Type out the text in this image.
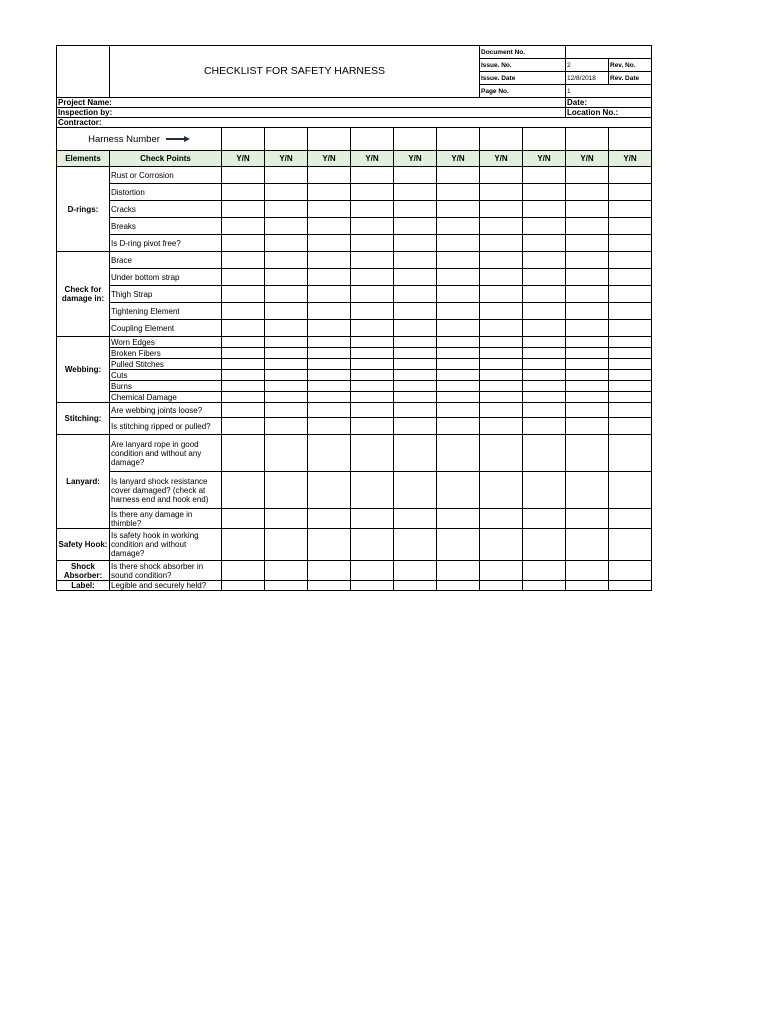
	CHECKLIST FOR SAFETY HARNESS							Document No.			
								Issue. No.		2	Rev. No.
								Issue. Date		12/8/2018	Rev. Date
								Page No.		1	
Project Name:										Date:	
Inspection by:										Location No.:	
Contractor:											
Harness Number											
Elements	Check Points	Y/N	Y/N	Y/N	Y/N	Y/N	Y/N	Y/N	Y/N	Y/N	Y/N
D-rings:	Rust or Corrosion										
	Distortion										
	Cracks										
	Breaks										
	Is D-ring pivot free?										
Check for damage in:	Brace										
	Under bottom strap										
	Thigh Strap										
	Tightening Element										
	Coupling Element										
Webbing:	Worn Edges										
	Broken Fibers										
	Pulled Stitches										
	Cuts										
	Burns										
	Chemical Damage										
Stitching:	Are webbing joints loose?										
	Is stitching ripped or pulled?										
Lanyard:	Are lanyard rope in good condition and without any damage?										
	Is lanyard shock resistance cover damaged? (check at harness end and hook end)										
	Is there any damage in thimble?										
Safety Hook:	Is safety hook in working condition and without damage?										
Shock Absorber:	Is there shock absorber in sound condition?										
Label:	Legible and securely held?										
